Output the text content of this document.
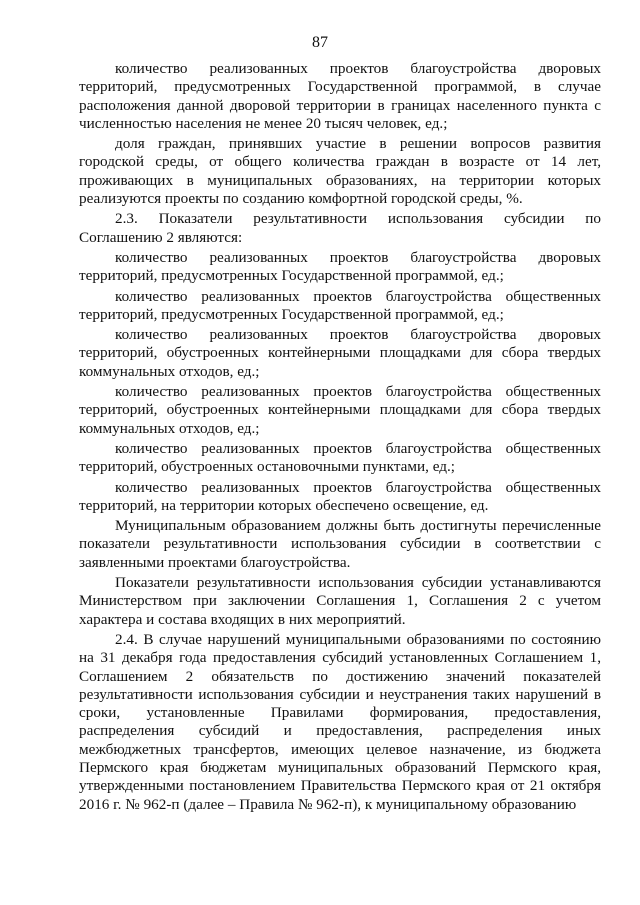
87

количество реализованных проектов благоустройства дворовых территорий, предусмотренных Государственной программой, в случае расположения данной дворовой территории в границах населенного пункта с численностью населения не менее 20 тысяч человек, ед.;

доля граждан, принявших участие в решении вопросов развития городской среды, от общего количества граждан в возрасте от 14 лет, проживающих в муниципальных образованиях, на территории которых реализуются проекты по созданию комфортной городской среды, %.

2.3. Показатели результативности использования субсидии по Соглашению 2 являются:

количество реализованных проектов благоустройства дворовых территорий, предусмотренных Государственной программой, ед.;

количество реализованных проектов благоустройства общественных территорий, предусмотренных Государственной программой, ед.;

количество реализованных проектов благоустройства дворовых территорий, обустроенных контейнерными площадками для сбора твердых коммунальных отходов, ед.;

количество реализованных проектов благоустройства общественных территорий, обустроенных контейнерными площадками для сбора твердых коммунальных отходов, ед.;

количество реализованных проектов благоустройства общественных территорий, обустроенных остановочными пунктами, ед.;

количество реализованных проектов благоустройства общественных территорий, на территории которых обеспечено освещение, ед.

Муниципальным образованием должны быть достигнуты перечисленные показатели результативности использования субсидии в соответствии с заявленными проектами благоустройства.

Показатели результативности использования субсидии устанавливаются Министерством при заключении Соглашения 1, Соглашения 2 с учетом характера и состава входящих в них мероприятий.

2.4. В случае нарушений муниципальными образованиями по состоянию на 31 декабря года предоставления субсидий установленных Соглашением 1, Соглашением 2 обязательств по достижению значений показателей результативности использования субсидии и неустранения таких нарушений в сроки, установленные Правилами формирования, предоставления, распределения субсидий и предоставления, распределения иных межбюджетных трансфертов, имеющих целевое назначение, из бюджета Пермского края бюджетам муниципальных образований Пермского края, утвержденными постановлением Правительства Пермского края от 21 октября 2016 г. № 962-п (далее – Правила № 962-п), к муниципальному образованию
